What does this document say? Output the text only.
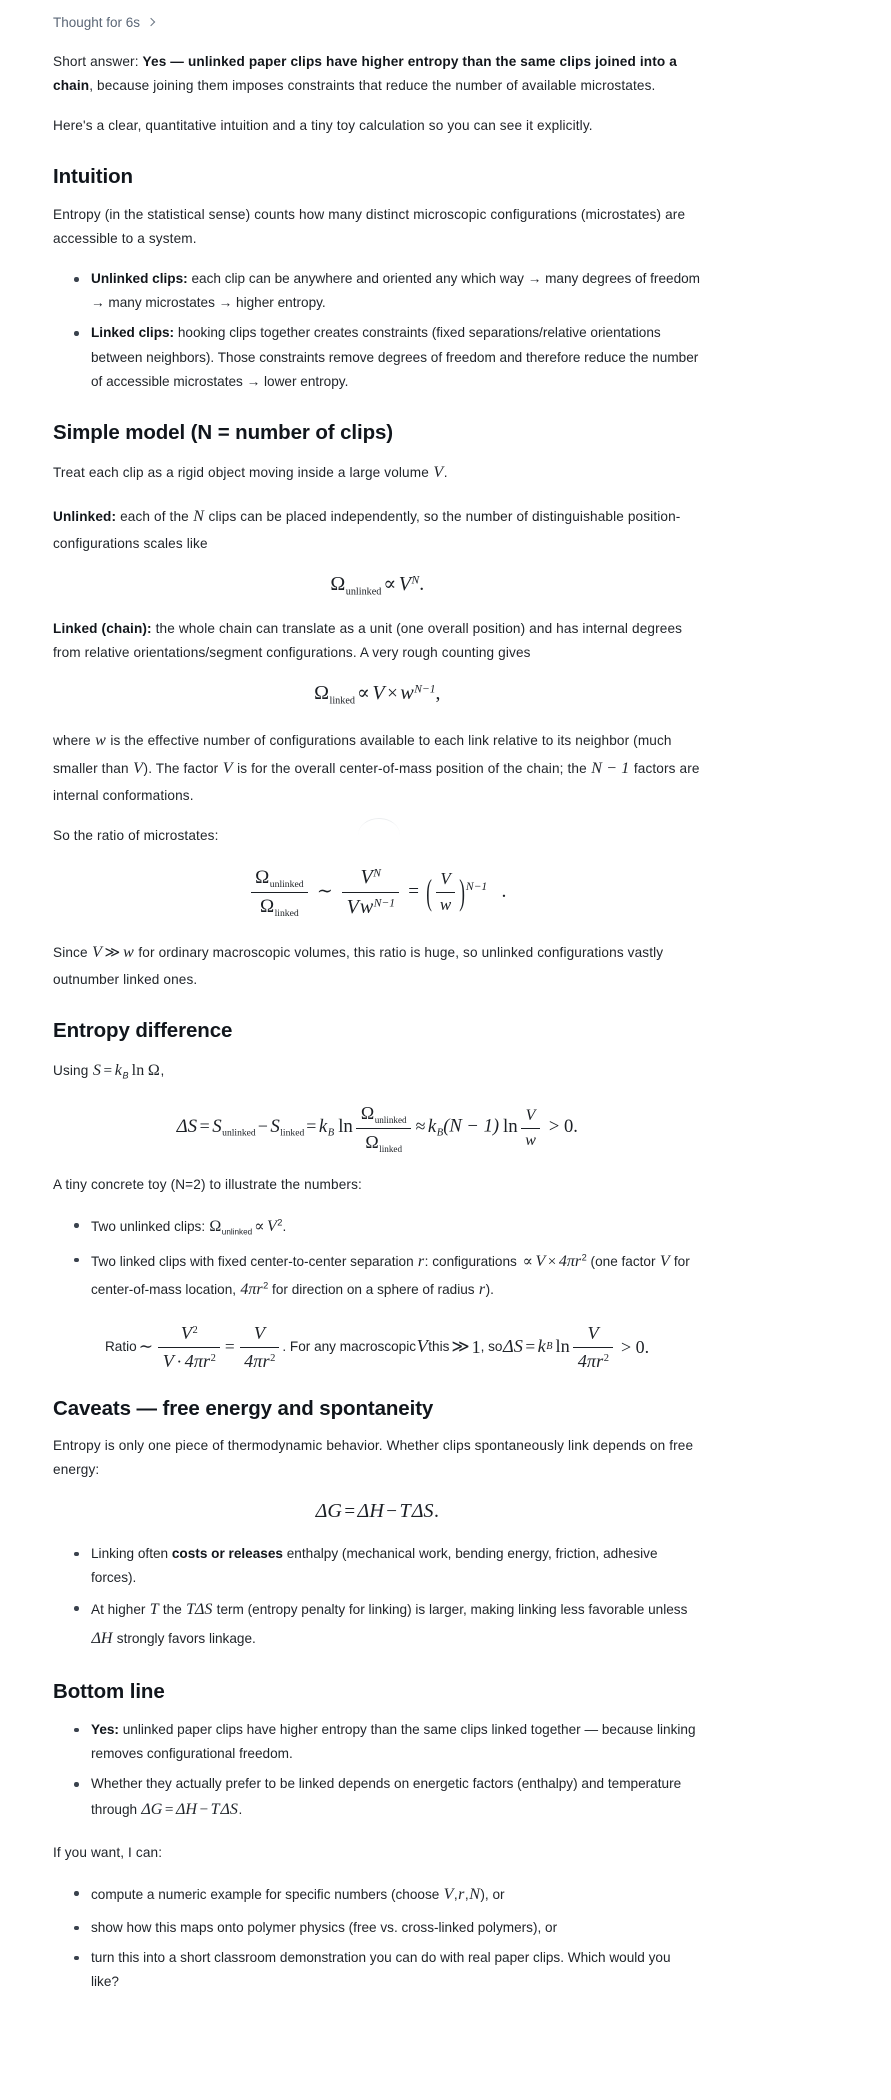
Thought for 6s

Short answer: Yes — unlinked paper clips have higher entropy than the same clips joined into a chain, because joining them imposes constraints that reduce the number of available microstates.

Here's a clear, quantitative intuition and a tiny toy calculation so you can see it explicitly.

Intuition

Entropy (in the statistical sense) counts how many distinct microscopic configurations (microstates) are accessible to a system.

Unlinked clips: each clip can be anywhere and oriented any which way → many degrees of freedom → many microstates → higher entropy.
Linked clips: hooking clips together creates constraints (fixed separations/relative orientations between neighbors). Those constraints remove degrees of freedom and therefore reduce the number of accessible microstates → lower entropy.
Simple model (N = number of clips)

Treat each clip as a rigid object moving inside a large volume V.

Unlinked: each of the N clips can be placed independently, so the number of distinguishable position-configurations scales like

$\Omega_{unlinked} \propto V^N$.

Linked (chain): the whole chain can translate as a unit (one overall position) and has internal degrees from relative orientations/segment configurations. A very rough counting gives

$\Omega_{linked} \propto V \times w^{N-1}$,

where w is the effective number of configurations available to each link relative to its neighbor (much smaller than V). The factor V is for the overall center-of-mass position of the chain; the N − 1 factors are internal conformations.

So the ratio of microstates:

$\frac{\Omega_{unlinked}}{\Omega_{linked}}$ ∼ $\frac{V^N}{Vw^{N-1}}$ = ( $\frac{V}{w} )^{N-1}$ .

Since V ≫ w for ordinary macroscopic volumes, this ratio is huge, so unlinked configurations vastly outnumber linked ones.

Entropy difference

Using $S = k_B$ ln Ω,

$\Delta S = S_{unlinked} - S_{linked} = k_B$ $\ln \frac{\Omega_{unlinked}}{\Omega_{linked}} \approx k_B(N - 1)$ $\ln \frac{V}{w} > 0$.

A tiny concrete toy (N=2) to illustrate the numbers:

Two unlinked clips: $\Omega_{unlinked} \propto V^2$.
Two linked clips with fixed center-to-center separation r: configurations ∝ $V \times 4\pi r^2$ (one factor V for center-of-mass location, $4\pi r^2$ for direction on a sphere of radius r).
Ratio ∼ $\frac{V^2}{V \cdot 4\pi r^2} = \frac{V}{4\pi r^2}$ . For any macroscopic V this ≫ 1 , so ΔS = k B $\ln \frac{V}{4\pi r^2} > 0$.
Caveats — free energy and spontaneity

Entropy is only one piece of thermodynamic behavior. Whether clips spontaneously link depends on free energy:

ΔG = ΔH − TΔS.
Linking often costs or releases enthalpy (mechanical work, bending energy, friction, adhesive forces).
At higher T the TΔS term (entropy penalty for linking) is larger, making linking less favorable unless ΔH strongly favors linkage.
Bottom line
Yes: unlinked paper clips have higher entropy than the same clips linked together — because linking removes configurational freedom.
Whether they actually prefer to be linked depends on energetic factors (enthalpy) and temperature through ΔG = ΔH − TΔS.

If you want, I can:

compute a numeric example for specific numbers (choose V,r,N), or
show how this maps onto polymer physics (free vs. cross-linked polymers), or
turn this into a short classroom demonstration you can do with real paper clips. Which would you like?
